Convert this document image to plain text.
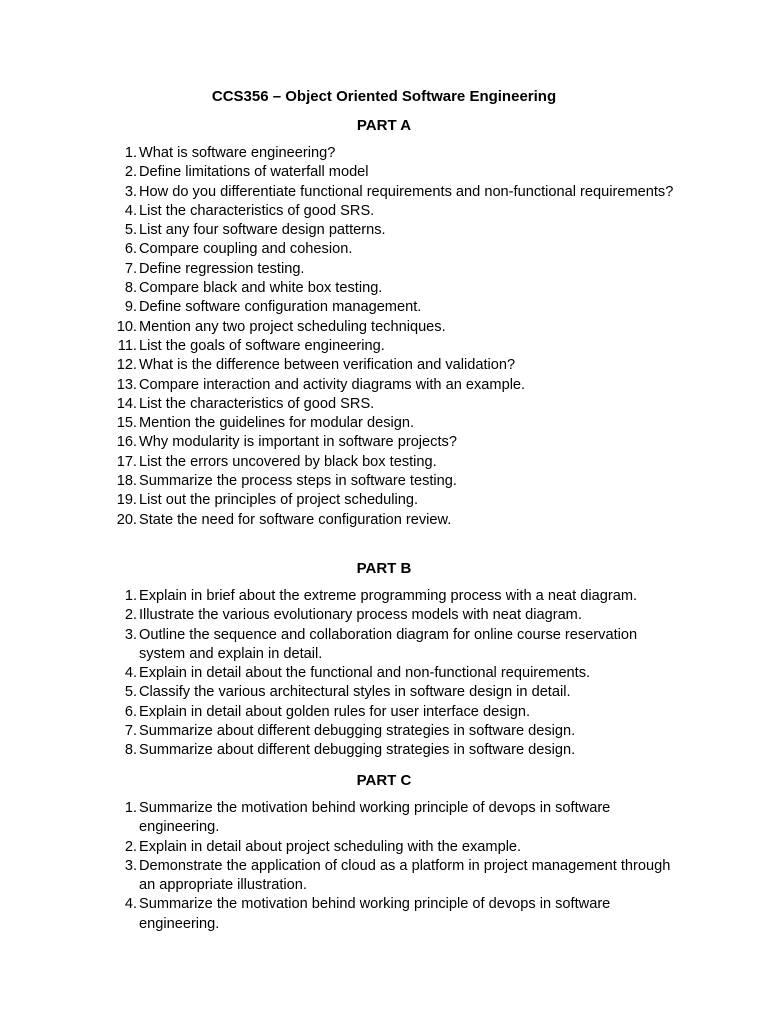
CCS356 – Object Oriented Software Engineering
PART A
1. What is software engineering?
2. Define limitations of waterfall model
3. How do you differentiate functional requirements and non-functional requirements?
4. List the characteristics of good SRS.
5. List any four software design patterns.
6. Compare coupling and cohesion.
7. Define regression testing.
8. Compare black and white box testing.
9. Define software configuration management.
10. Mention any two project scheduling techniques.
11. List the goals of software engineering.
12. What is the difference between verification and validation?
13. Compare interaction and activity diagrams with an example.
14. List the characteristics of good SRS.
15. Mention the guidelines for modular design.
16. Why modularity is important in software projects?
17. List the errors uncovered by black box testing.
18. Summarize the process steps in software testing.
19. List out the principles of project scheduling.
20. State the need for software configuration review.
PART B
1. Explain in brief about the extreme programming process with a neat diagram.
2. Illustrate the various evolutionary process models with neat diagram.
3. Outline the sequence and collaboration diagram for online course reservation system and explain in detail.
4. Explain in detail about the functional and non-functional requirements.
5. Classify the various architectural styles in software design in detail.
6. Explain in detail about golden rules for user interface design.
7. Summarize about different debugging strategies in software design.
8. Summarize about different debugging strategies in software design.
PART C
1. Summarize the motivation behind working principle of devops in software engineering.
2. Explain in detail about project scheduling with the example.
3. Demonstrate the application of cloud as a platform in project management through an appropriate illustration.
4. Summarize the motivation behind working principle of devops in software engineering.
